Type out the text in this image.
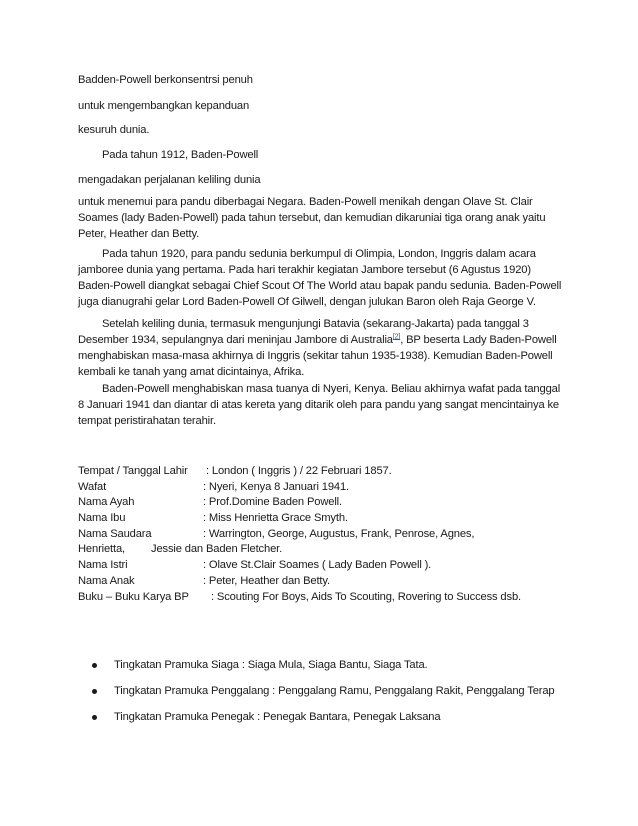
Badden-Powell berkonsentrsi penuh
untuk mengembangkan kepanduan
kesuruh dunia.
Pada tahun 1912, Baden-Powell
mengadakan perjalanan keliling dunia
untuk menemui para pandu diberbagai Negara. Baden-Powell menikah dengan Olave St. Clair Soames (lady Baden-Powell) pada tahun tersebut, dan kemudian dikaruniai tiga orang anak yaitu Peter, Heather dan Betty.
Pada tahun 1920, para pandu sedunia berkumpul di Olimpia, London, Inggris dalam acara jamboree dunia yang pertama. Pada hari terakhir kegiatan Jambore tersebut (6 Agustus 1920) Baden-Powell diangkat sebagai Chief Scout Of The World atau bapak pandu sedunia. Baden-Powell juga dianugrahi gelar Lord Baden-Powell Of Gilwell, dengan julukan Baron oleh Raja George V.
Setelah keliling dunia, termasuk mengunjungi Batavia (sekarang-Jakarta) pada tanggal 3 Desember 1934, sepulangnya dari meninjau Jambore di Australia[2], BP beserta Lady Baden-Powell menghabiskan masa-masa akhirnya di Inggris (sekitar tahun 1935-1938). Kemudian Baden-Powell kembali ke tanah yang amat dicintainya, Afrika.
Baden-Powell menghabiskan masa tuanya di Nyeri, Kenya. Beliau akhirnya wafat pada tanggal 8 Januari 1941 dan diantar di atas kereta yang ditarik oleh para pandu yang sangat mencintainya ke tempat peristirahatan terahir.
Tempat / Tanggal Lahir : London ( Inggris ) / 22 Februari 1857.
Wafat	: Nyeri, Kenya 8 Januari 1941.
Nama Ayah	: Prof.Domine Baden Powell.
Nama Ibu	: Miss Henrietta Grace Smyth.
Nama Saudara	: Warrington, George, Augustus, Frank, Penrose, Agnes,
Henrietta, Jessie dan Baden Fletcher.
Nama Istri	: Olave St.Clair Soames ( Lady Baden Powell ).
Nama Anak	: Peter, Heather dan Betty.
Buku – Buku Karya BP : Scouting For Boys, Aids To Scouting, Rovering to Success dsb.
Tingkatan Pramuka Siaga : Siaga Mula, Siaga Bantu, Siaga Tata.
Tingkatan Pramuka Penggalang : Penggalang Ramu, Penggalang Rakit, Penggalang Terap
Tingkatan Pramuka Penegak : Penegak Bantara, Penegak Laksana
